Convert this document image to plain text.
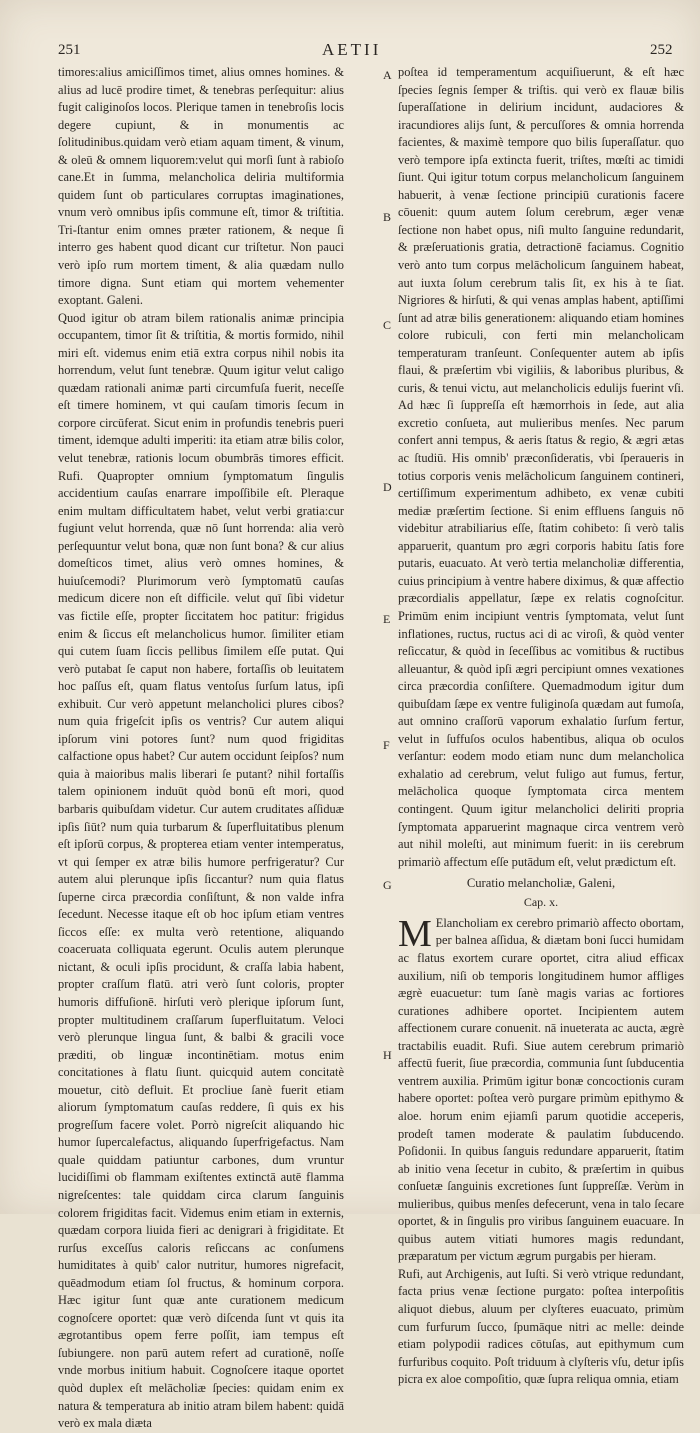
251	AETII	252
A
B
C
D
E
F
G
H

timores:alius amiciſſimos timet, alius omnes homines. & alius ad lucē prodire timet, & tenebras perſequitur: alius fugit caliginoſos locos. Plerique tamen in tenebroſis locis degere cupiunt, & in monumentis ac ſolitudinibus.quidam verò etiam aquam timent, & vinum, & oleū & omnem liquorem:velut qui morſi ſunt à rabioſo cane.Et in ſumma, melancholica deliria multiformia quidem ſunt ob particulares corruptas imaginationes, vnum verò omnibus ipſis commune eſt, timor & triſtitia. Tri-ſtantur enim omnes præter rationem, & neque ſi interro ges habent quod dicant cur triſtetur. Non pauci verò ipſo rum mortem timent, & alia quædam nullo timore digna. Sunt etiam qui mortem vehementer exoptant. Galeni.

Quod igitur ob atram bilem rationalis animæ principia occupantem, timor ſit & triſtitia, & mortis formido, nihil miri eſt. videmus enim etiā extra corpus nihil nobis ita horrendum, velut ſunt tenebræ. Quum igitur velut caligo quædam rationali animæ parti circumfuſa fuerit, neceſſe eſt timere hominem, vt qui cauſam timoris ſecum in corpore circūferat. Sicut enim in profundis tenebris pueri timent, idemque adulti imperiti: ita etiam atræ bilis color, velut tenebræ, rationis locum obumbrās timores efficit. Rufi. Quapropter omnium ſymptomatum ſingulis accidentium cauſas enarrare impoſſibile eſt. Pleraque enim multam difficultatem habet, velut verbi gratia:cur fugiunt velut horrenda, quæ nō ſunt horrenda: alia verò perſequuntur velut bona, quæ non ſunt bona? & cur alius domeſticos timet, alius verò omnes homines, & huiuſcemodi? Plurimorum verò ſymptomatū cauſas medicum dicere non eſt difficile. velut quī ſibi videtur vas fictile eſſe, propter ſiccitatem hoc patitur: frigidus enim & ſiccus eſt melancholicus humor. ſimiliter etiam qui cutem ſuam ſiccis pellibus ſimilem eſſe putat. Qui verò putabat ſe caput non habere, fortaſſis ob leuitatem hoc paſſus eſt, quam flatus ventoſus ſurſum latus, ipſi exhibuit. Cur verò appetunt melancholici plures cibos? num quia frigeſcit ipſis os ventris? Cur autem aliqui ipſorum vini potores ſunt? num quod frigiditas calfactione opus habet? Cur autem occidunt ſeipſos? num quia à maioribus malis liberari ſe putant? nihil fortaſſis talem opinionem induūt quòd bonū eſt mori, quod barbaris quibuſdam videtur. Cur autem cruditates aſſiduæ ipſis ſiūt? num quia turbarum & ſuperfluitatibus plenum eſt ipſorū corpus, & propterea etiam venter intemperatus, vt qui ſemper ex atræ bilis humore perfrigeratur? Cur autem alui plerunque ipſis ſiccantur? num quia flatus ſuperne circa præcordia conſiſtunt, & non valde infra ſecedunt. Necesse itaque eſt ob hoc ipſum etiam ventres ſiccos eſſe: ex multa verò retentione, aliquando coaceruata colliquata egerunt. Oculis autem plerunque nictant, & oculi ipſis procidunt, & craſſa labia habent, propter craſſum flatū. atri verò ſunt coloris, propter humoris diffuſionē. hirſuti verò plerique ipſorum ſunt, propter multitudinem craſſarum ſuperfluitatum. Veloci verò plerunque lingua ſunt, & balbi & gracili voce præditi, ob linguæ incontinētiam. motus enim concitationes à flatu ſiunt. quicquid autem concitatè mouetur, citò defluit. Et procliue ſanè fuerit etiam aliorum ſymptomatum cauſas reddere, ſi quis ex his progreſſum facere volet. Porrò nigreſcit aliquando hic humor ſupercalefactus, aliquando ſuperfrigefactus. Nam quale quiddam patiuntur carbones, dum vruntur lucidiſſimi ob flammam exiſtentes extinctā autē flamma nigreſcentes: tale quiddam circa clarum ſanguinis colorem frigiditas facit. Videmus enim etiam in externis, quædam corpora liuida fieri ac denigrari à frigiditate. Et rurſus exceſſus caloris reſiccans ac conſumens humiditates à quib' calor nutritur, humores nigrefacit, quēadmodum etiam ſol fructus, & hominum corpora. Hæc igitur ſunt quæ ante curationem medicum cognoſcere oportet: quæ verò diſcenda ſunt vt quis ita ægrotantibus opem ferre poſſit, iam tempus eſt ſubiungere. non parū autem refert ad curationē, noſſe vnde morbus initium habuit. Cognoſcere itaque oportet quòd duplex eſt melācholiæ ſpecies: quidam enim ex natura & temperatura ab initio atram bilem habent: quidā verò ex mala diæta

poſtea id temperamentum acquiſiuerunt, & eſt hæc ſpecies ſegnis ſemper & triſtis. qui verò ex flauæ bilis ſuperaſſatione in delirium incidunt, audaciores & iracundiores alijs ſunt, & percuſſores & omnia horrenda facientes, & maximè tempore quo bilis ſuperaſſatur. quo verò tempore ipſa extincta fuerit, triſtes, mœſti ac timidi ſiunt. Qui igitur totum corpus melancholicum ſanguinem habuerit, à venæ ſectione principiū curationis facere cōuenit: quum autem ſolum cerebrum, æger venæ ſectione non habet opus, niſi multo ſanguine redundarit, & præſeruationis gratia, detractionē faciamus. Cognitio verò anto tum corpus melācholicum ſanguinem habeat, aut iuxta ſolum cerebrum talis ſit, ex his à te ſiat. Nigriores & hirſuti, & qui venas amplas habent, aptiſſimi ſunt ad atræ bilis generationem: aliquando etiam homines colore rubiculi, con ferti min melancholicam temperaturam tranſeunt. Conſequenter autem ab ipſis flaui, & præſertim vbi vigiliis, & laboribus pluribus, & curis, & tenui victu, aut melancholicis edulijs fuerint vſi. Ad hæc ſi ſuppreſſa eſt hæmorrhois in ſede, aut alia excretio conſueta, aut mulieribus menſes. Nec parum confert anni tempus, & aeris ſtatus & regio, & ægri ætas ac ſtudiū. His omnib' præconſideratis, vbi ſperaueris in totius corporis venis melācholicum ſanguinem contineri, certiſſimum experimentum adhibeto, ex venæ cubiti mediæ præſertim ſectione. Si enim effluens ſanguis nō videbitur atrabiliarius eſſe, ſtatim cohibeto: ſi verò talis apparuerit, quantum pro ægri corporis habitu ſatis fore putaris, euacuato. At verò tertia melancholiæ differentia, cuius principium à ventre habere diximus, & quæ affectio præcordialis appellatur, ſæpe ex relatis cognoſcitur. Primūm enim incipiunt ventris ſymptomata, velut ſunt inflationes, ructus, ructus aci di ac viroſi, & quòd venter reſiccatur, & quòd in ſeceſſibus ac vomitibus & ructibus alleuantur, & quòd ipſi ægri percipiunt omnes vexationes circa præcordia conſiſtere. Quemadmodum igitur dum quibuſdam ſæpe ex ventre fuliginoſa quædam aut fumoſa, aut omnino craſſorū vaporum exhalatio ſurſum fertur, velut in ſuffuſos oculos habentibus, aliqua ob oculos verſantur: eodem modo etiam nunc dum melancholica exhalatio ad cerebrum, velut fuligo aut fumus, fertur, melācholica quoque ſymptomata circa mentem contingent. Quum igitur melancholici deliriti propria ſymptomata apparuerint magnaque circa ventrem verò aut nihil moleſti, aut minimum fuerit: in iis cerebrum primariò affectum eſſe putādum eſt, velut prædictum eſt.

Curatio melancholiæ, Galeni,

Cap. x.

M Elancholiam ex cerebro primariò affecto obortam, per balnea aſſidua, & diætam boni ſucci humidam ac flatus exortem curare oportet, citra aliud efficax auxilium, niſi ob temporis longitudinem humor affliges ægrè euacuetur: tum ſanè magis varias ac fortiores curationes adhibere oportet. Incipientem autem affectionem curare conuenit. nā inueterata ac aucta, ægrè tractabilis euadit. Rufi. Siue autem cerebrum primariò affectū fuerit, ſiue præcordia, communia ſunt ſubducentia ventrem auxilia. Primūm igitur bonæ concoctionis curam habere oportet: poſtea verò purgare primùm epithymo & aloe. horum enim ejiamſi parum quotidie acceperis, prodeſt tamen moderate & paulatim ſubducendo. Poſidonii. In quibus ſanguis redundare apparuerit, ſtatim ab initio vena ſecetur in cubito, & præſertim in quibus conſuetæ ſanguinis excretiones ſunt ſuppreſſæ. Verùm in mulieribus, quibus menſes defecerunt, vena in talo ſecare oportet, & in ſingulis pro viribus ſanguinem euacuare. In quibus autem vitiati humores magis redundant, præparatum per victum ægrum purgabis per hieram.

Rufi, aut Archigenis, aut Iuſti. Si verò vtrique redundant, facta prius venæ ſectione purgato: poſtea interpoſitis aliquot diebus, aluum per clyſteres euacuato, primùm cum furfurum ſucco, ſpumāque nitri ac melle: deinde etiam polypodii radices cōtuſas, aut epithymum cum furfuribus coquito. Poſt triduum à clyſteris vſu, detur ipſis picra ex aloe compoſitio, quæ ſupra reliqua omnia, etiam
